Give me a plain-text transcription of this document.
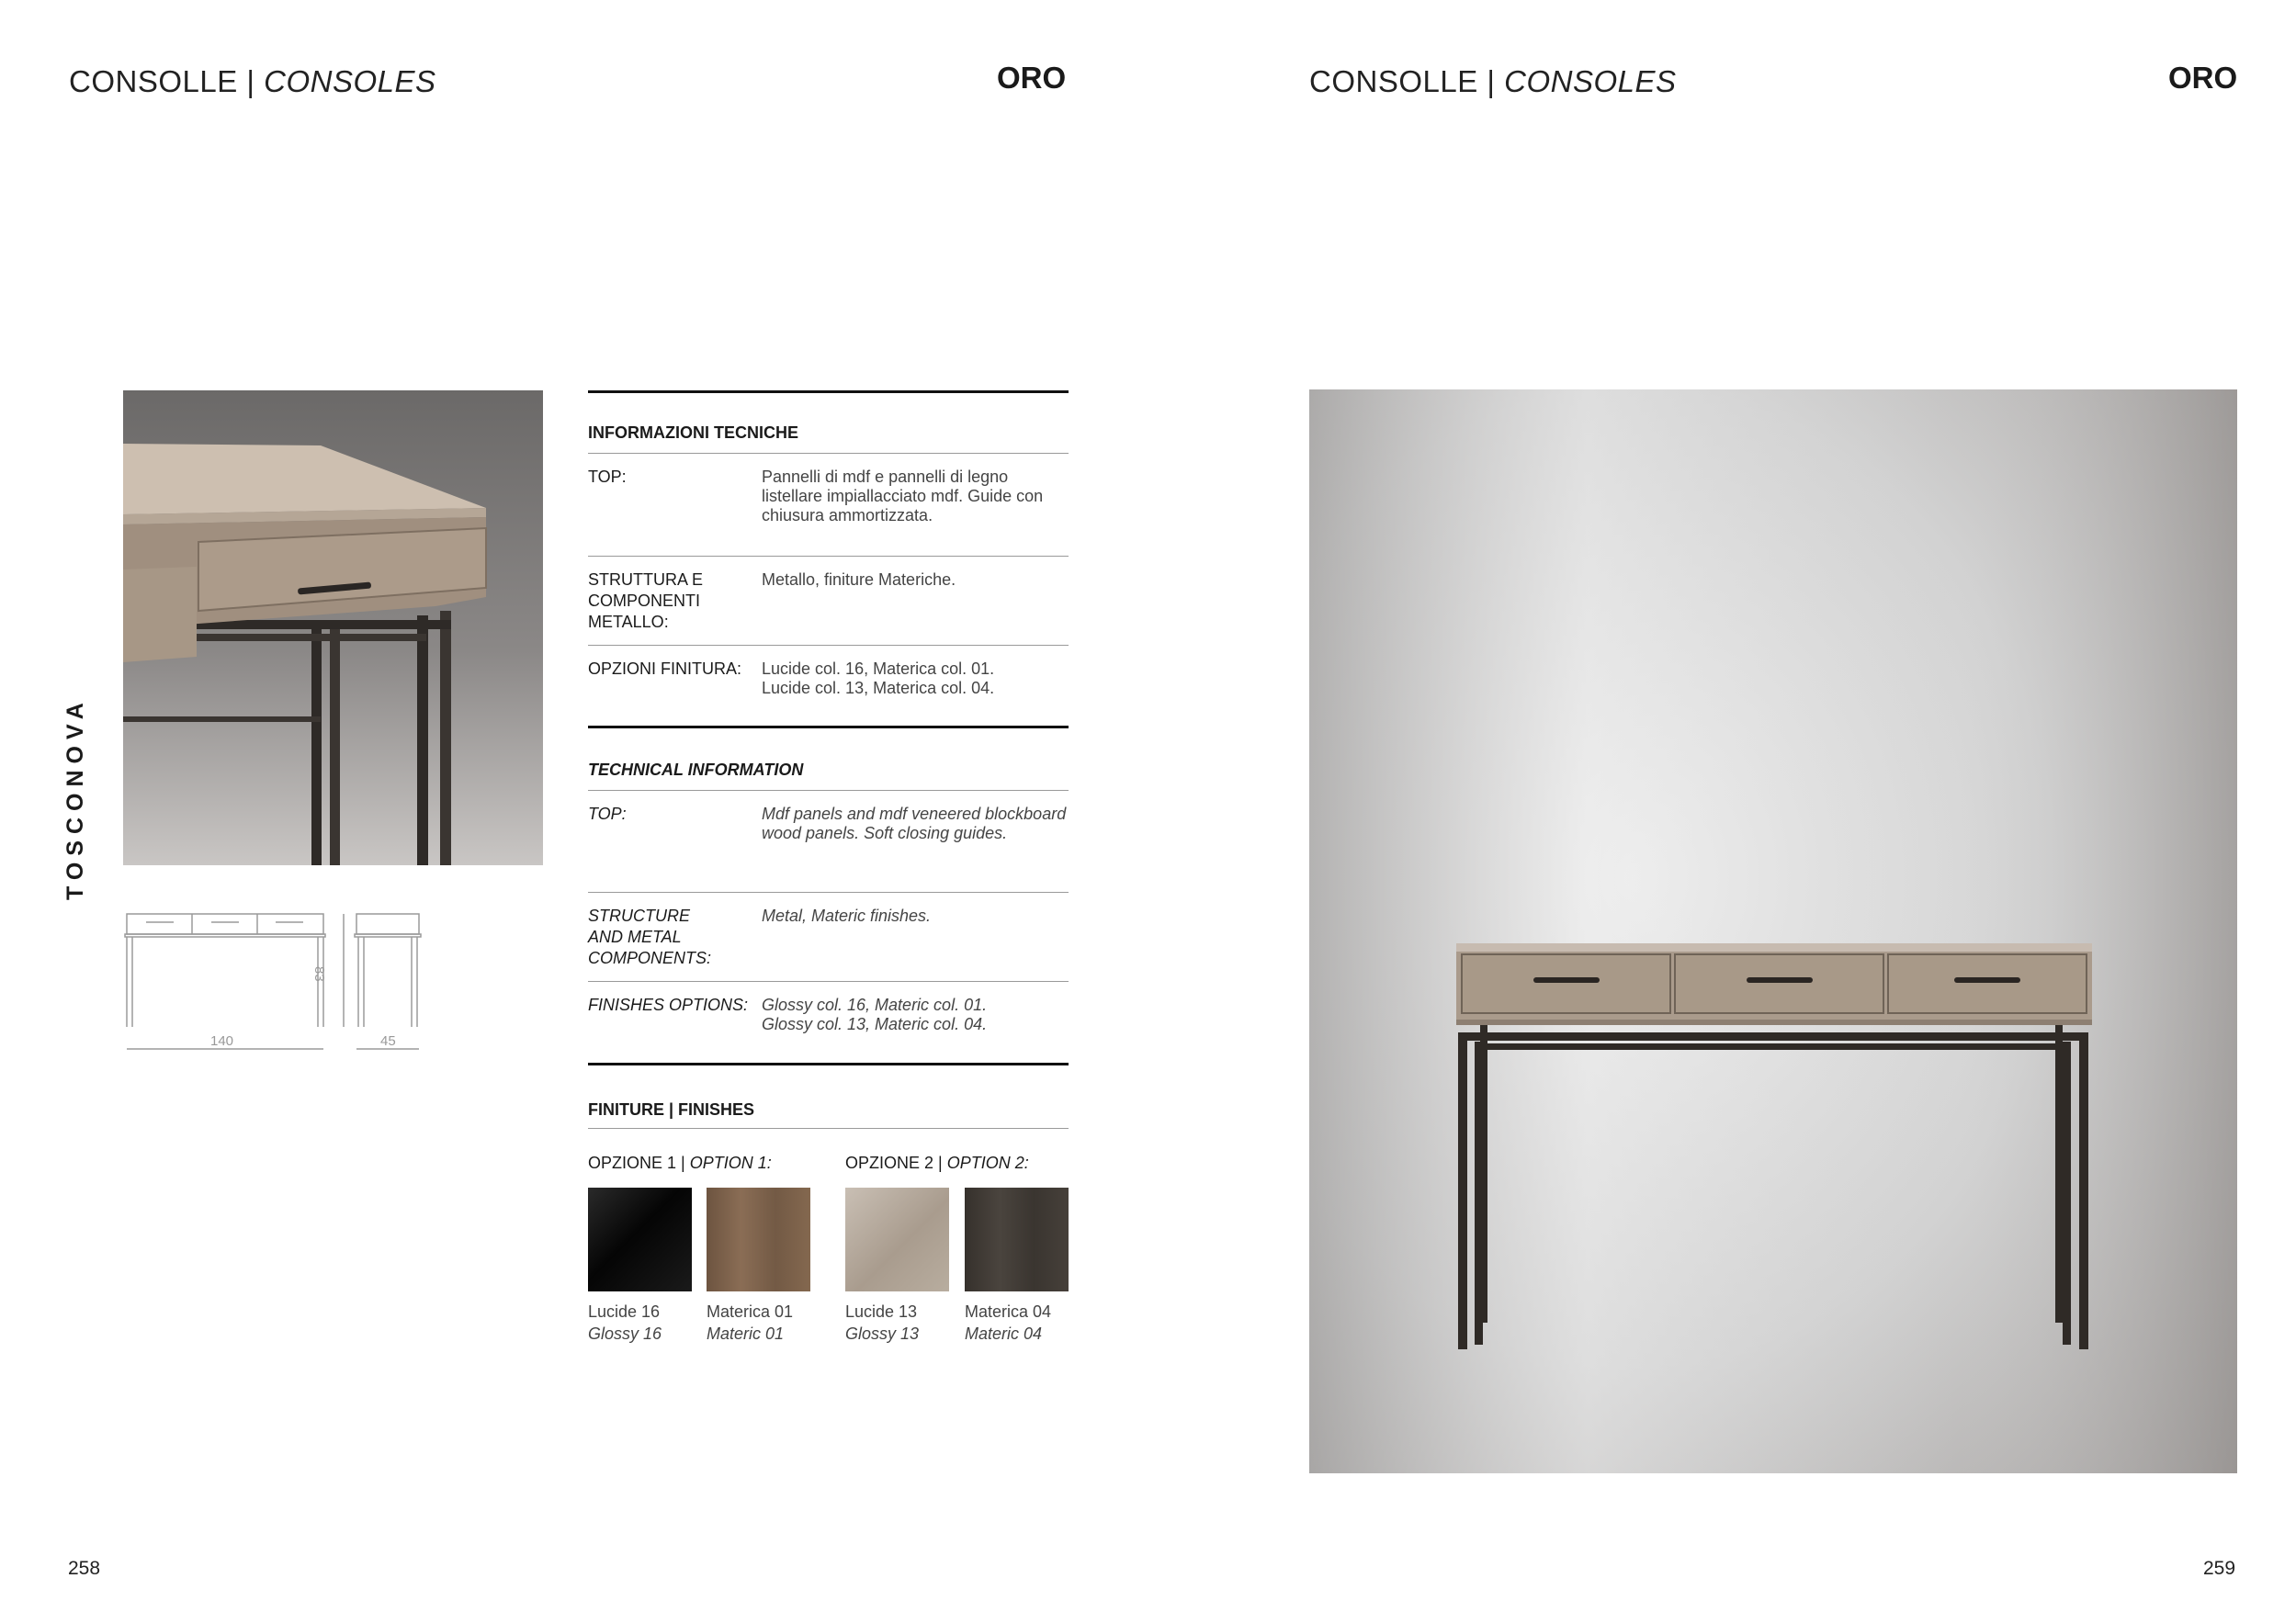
CONSOLLE | CONSOLES	ORO
TOSCONOVA
140	45
83
INFORMAZIONI TECNICHE
TOP:	Pannelli di mdf e pannelli di legno listellare impiallacciato mdf. Guide con chiusura ammortizzata.
STRUTTURA E COMPONENTI METALLO:
Metallo, finiture Materiche.
OPZIONI FINITURA:	Lucide col. 16, Materica col. 01.
Lucide col. 13, Materica col. 04.
TECHNICAL INFORMATION
TOP:	Mdf panels and mdf veneered blockboard wood panels. Soft closing guides.
STRUCTURE AND METAL COMPONENTS:
Metal, Materic finishes.
FINISHES OPTIONS: Glossy col. 16, Materic col. 01.
Glossy col. 13, Materic col. 04.
FINITURE | FINISHES
OPZIONE 1 | OPTION 1:	OPZIONE 2 | OPTION 2:
Lucide 16
Glossy 16
Materica 01
Materic 01
Lucide 13
Glossy 13
Materica 04
Materic 04
258
CONSOLLE | CONSOLES	ORO
259
